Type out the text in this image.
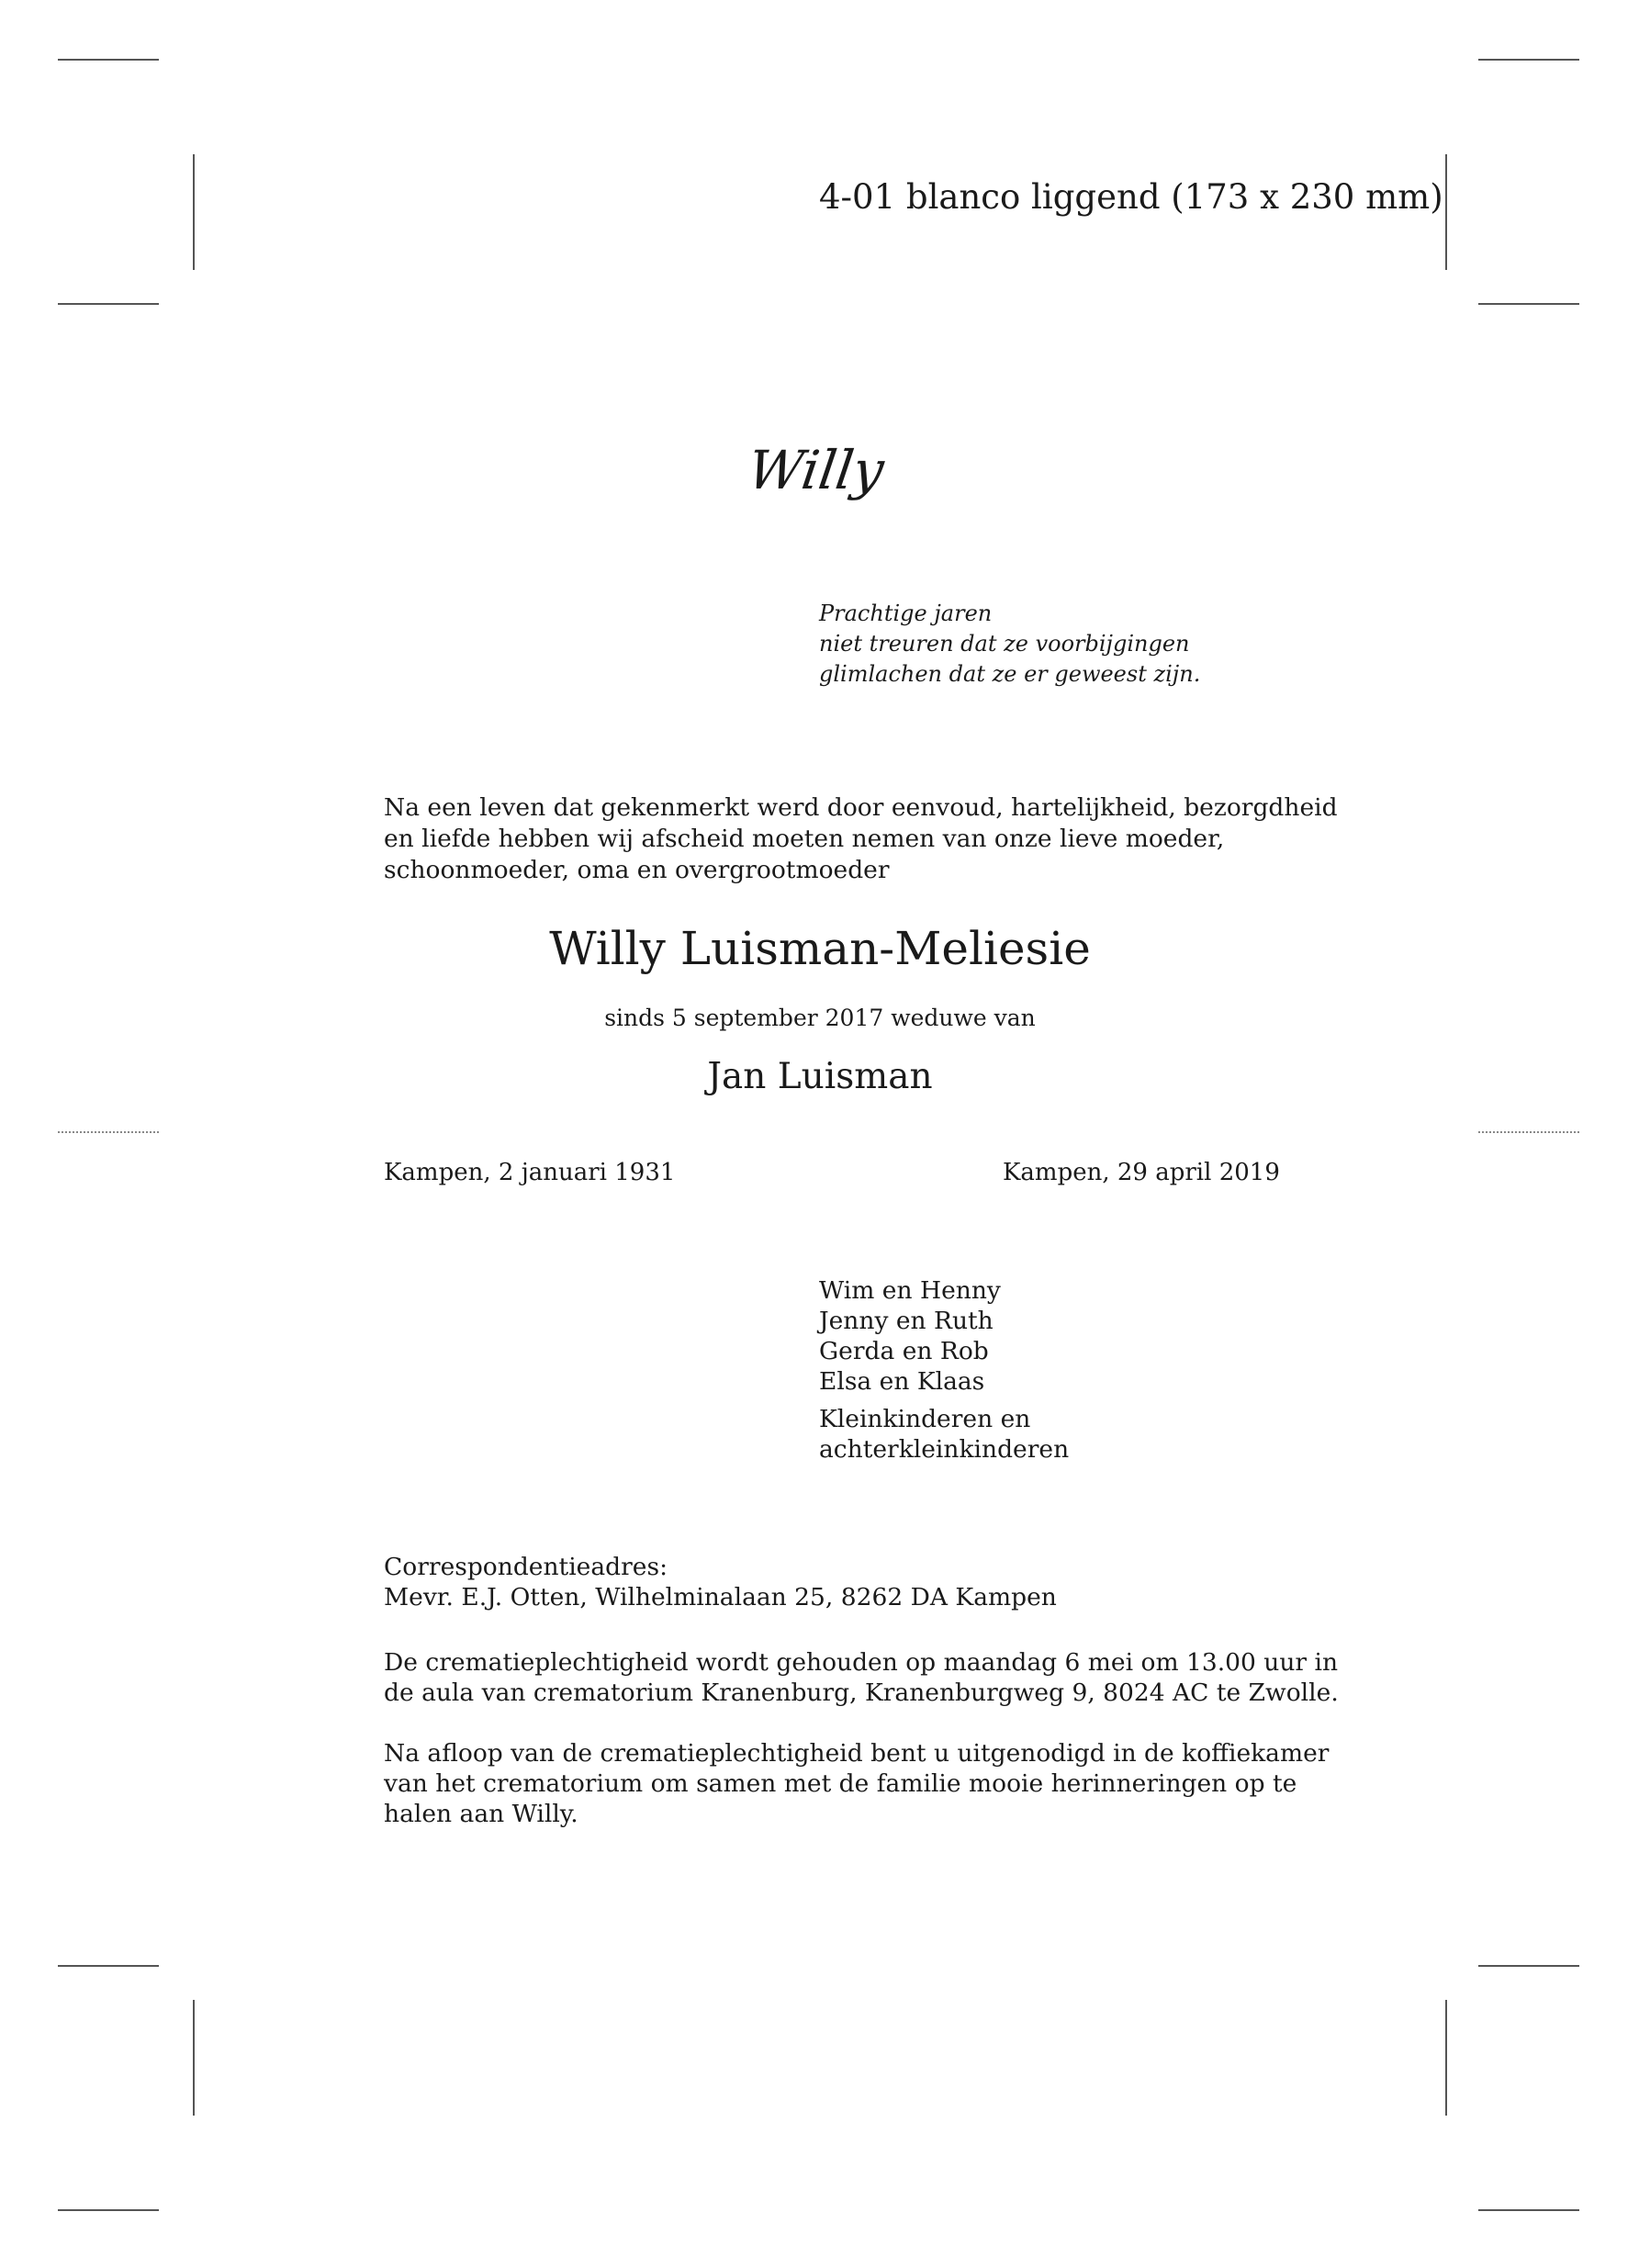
4-01 blanco liggend (173 x 230 mm)
Willy
Prachtige jaren
niet treuren dat ze voorbijgingen
glimlachen dat ze er geweest zijn.
Na een leven dat gekenmerkt werd door eenvoud, hartelijkheid, bezorgdheid
en liefde hebben wij afscheid moeten nemen van onze lieve moeder,
schoonmoeder, oma en overgrootmoeder
Willy Luisman-Meliesie
sinds 5 september 2017 weduwe van
Jan Luisman
Kampen, 2 januari 1931	Kampen, 29 april 2019
Wim en Henny
Jenny en Ruth
Gerda en Rob
Elsa en Klaas
Kleinkinderen en
achterkleinkinderen
Correspondentieadres:
Mevr. E.J. Otten, Wilhelminalaan 25, 8262 DA Kampen
De crematieplechtigheid wordt gehouden op maandag 6 mei om 13.00 uur in
de aula van crematorium Kranenburg, Kranenburgweg 9, 8024 AC te Zwolle.
Na afloop van de crematieplechtigheid bent u uitgenodigd in de koffiekamer
van het crematorium om samen met de familie mooie herinneringen op te
halen aan Willy.
